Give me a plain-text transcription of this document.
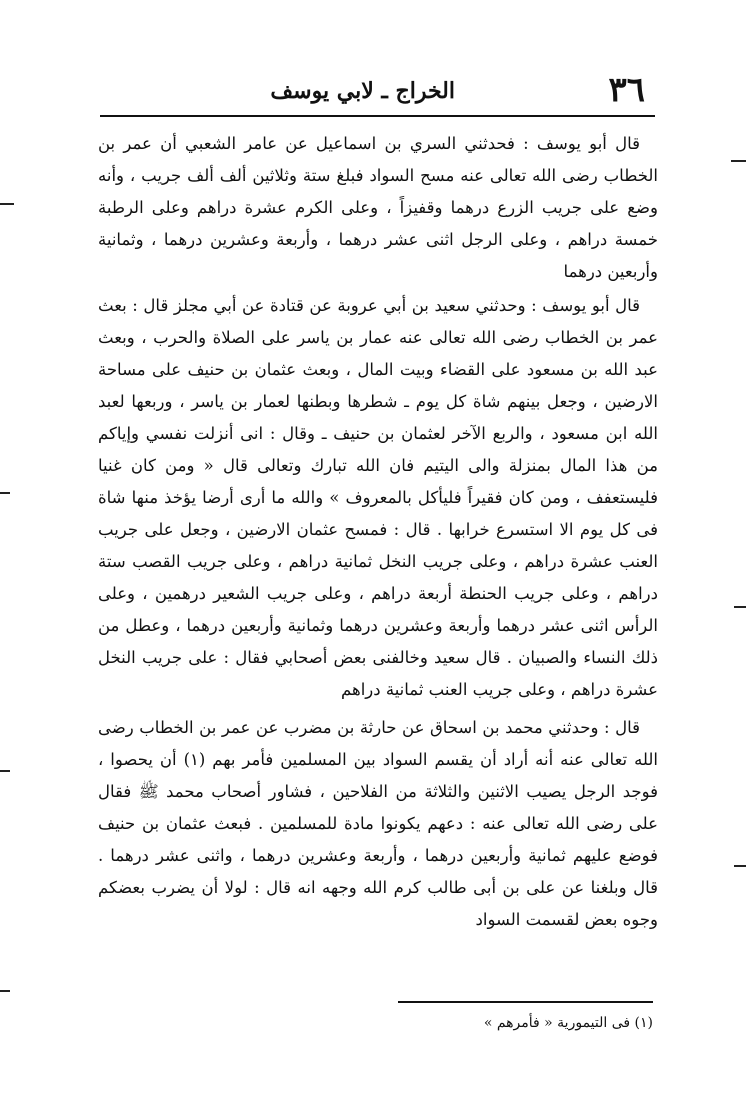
٣٦
الخراج ـ لابي يوسف

قال أبو يوسف : فحدثني السري بن اسماعيل عن عامر الشعبي أن عمر بن الخطاب رضى الله تعالى عنه مسح السواد فبلغ ستة وثلاثين ألف ألف جريب ، وأنه وضع على جريب الزرع درهما وقفيزاً ، وعلى الكرم عشرة دراهم وعلى الرطبة خمسة دراهم ، وعلى الرجل اثنى عشر درهما ، وأربعة وعشرين درهما ، وثمانية وأربعين درهما

قال أبو يوسف : وحدثني سعيد بن أبي عروبة عن قتادة عن أبي مجلز قال : بعث عمر بن الخطاب رضى الله تعالى عنه عمار بن ياسر على الصلاة والحرب ، وبعث عبد الله بن مسعود على القضاء وبيت المال ، وبعث عثمان بن حنيف على مساحة الارضين ، وجعل بينهم شاة كل يوم ـ شطرها وبطنها لعمار بن ياسر ، وربعها لعبد الله ابن مسعود ، والربع الآخر لعثمان بن حنيف ـ وقال : انى أنزلت نفسي وإياكم من هذا المال بمنزلة والى اليتيم فان الله تبارك وتعالى قال « ومن كان غنيا فليستعفف ، ومن كان فقيراً فليأكل بالمعروف » والله ما أرى أرضا يؤخذ منها شاة فى كل يوم الا استسرع خرابها . قال : فمسح عثمان الارضين ، وجعل على جريب العنب عشرة دراهم ، وعلى جريب النخل ثمانية دراهم ، وعلى جريب القصب ستة دراهم ، وعلى جريب الحنطة أربعة دراهم ، وعلى جريب الشعير درهمين ، وعلى الرأس اثنى عشر درهما وأربعة وعشرين درهما وثمانية وأربعين درهما ، وعطل من ذلك النساء والصبيان . قال سعيد وخالفنى بعض أصحابي فقال : على جريب النخل عشرة دراهم ، وعلى جريب العنب ثمانية دراهم

قال : وحدثني محمد بن اسحاق عن حارثة بن مضرب عن عمر بن الخطاب رضى الله تعالى عنه أنه أراد أن يقسم السواد بين المسلمين فأمر بهم (١) أن يحصوا ، فوجد الرجل يصيب الاثنين والثلاثة من الفلاحين ، فشاور أصحاب محمد ﷺ فقال على رضى الله تعالى عنه : دعهم يكونوا مادة للمسلمين . فبعث عثمان بن حنيف فوضع عليهم ثمانية وأربعين درهما ، وأربعة وعشرين درهما ، واثنى عشر درهما . قال وبلغنا عن على بن أبى طالب كرم الله وجهه انه قال : لولا أن يضرب بعضكم وجوه بعض لقسمت السواد

(١) فى التيمورية « فأمرهم »
